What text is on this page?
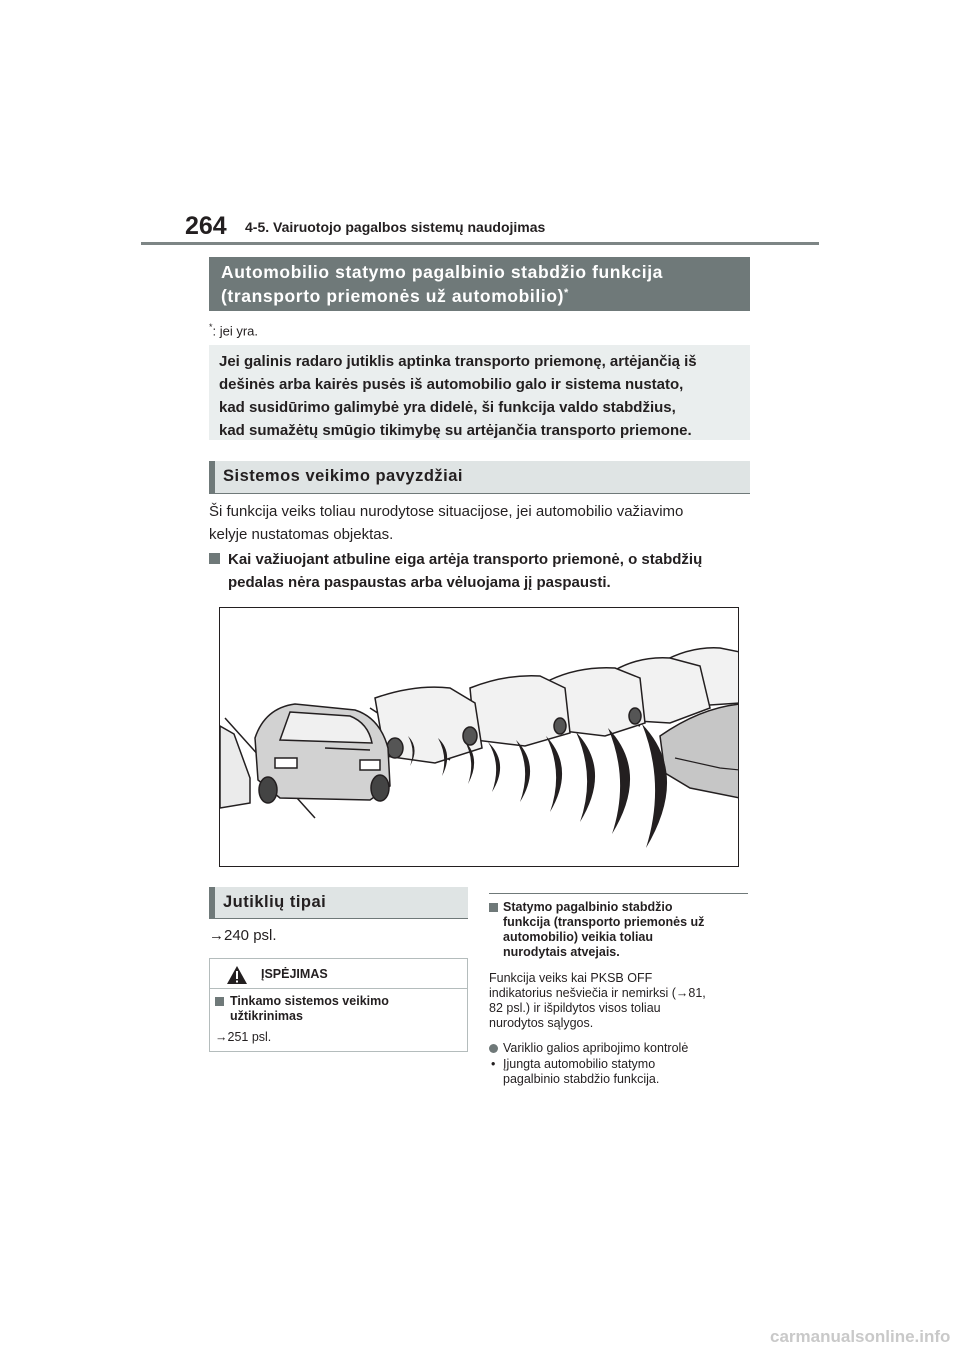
264 4-5. Vairuotojo pagalbos sistemų naudojimas
Automobilio statymo pagalbinio stabdžio funkcija
(transporto priemonės už automobilio)*
*: jei yra.
Jei galinis radaro jutiklis aptinka transporto priemonę, artėjančią iš
dešinės arba kairės pusės iš automobilio galo ir sistema nustato,
kad susidūrimo galimybė yra didelė, ši funkcija valdo stabdžius,
kad sumažėtų smūgio tikimybę su artėjančia transporto priemone.
Sistemos veikimo pavyzdžiai
Ši funkcija veiks toliau nurodytose situacijose, jei automobilio važiavimo
kelyje nustatomas objektas.
Kai važiuojant atbuline eiga artėja transporto priemonė, o stabdžių
pedalas nėra paspaustas arba vėluojama jį paspausti.
Jutiklių tipai
→240 psl.
ĮSPĖJIMAS
Tinkamo sistemos veikimo
užtikrinimas
→251 psl.
Statymo pagalbinio stabdžio
funkcija (transporto priemonės už
automobilio) veikia toliau
nurodytais atvejais.
Funkcija veiks kai PKSB OFF
indikatorius nešviečia ir nemirksi (→81,
82 psl.) ir išpildytos visos toliau
nurodytos sąlygos.
Variklio galios apribojimo kontrolė
• Įjungta automobilio statymo
pagalbinio stabdžio funkcija.
carmanualsonline.info
